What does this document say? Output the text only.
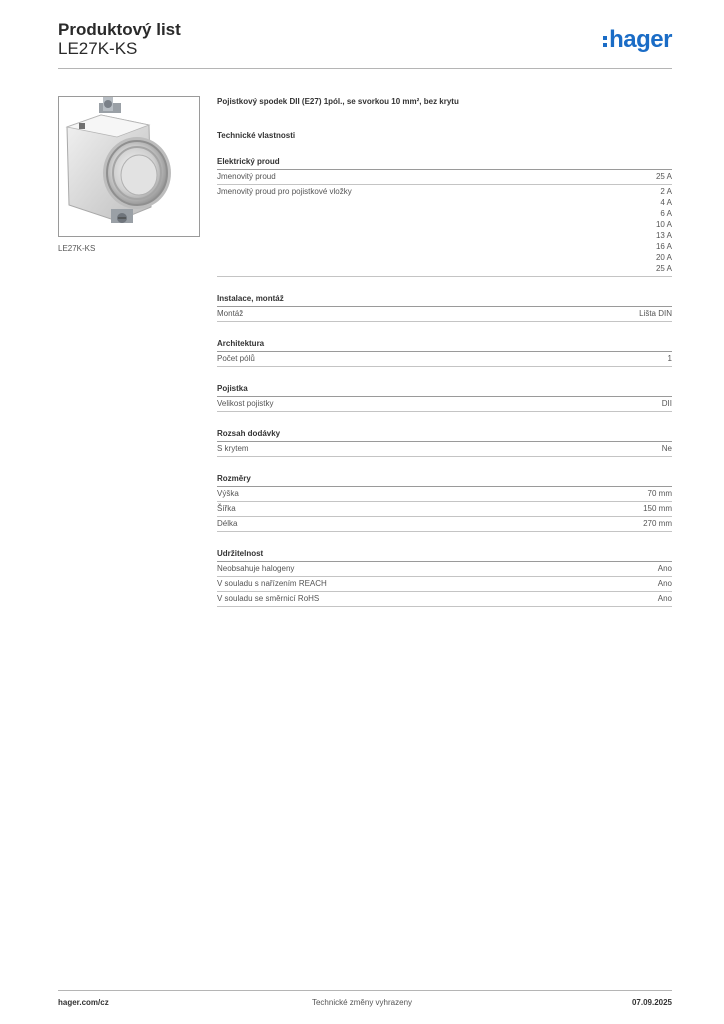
Produktový list
LE27K-KS	hager
LE27K-KS
Pojistkový spodek DII (E27) 1pól., se svorkou 10 mm², bez krytu
Technické vlastnosti
Elektrický proud
Jmenovitý proud	25 A
Jmenovitý proud pro pojistkové vložky	2 A
4 A
6 A
10 A
13 A
16 A
20 A
25 A
Instalace, montáž
Montáž	Lišta DIN
Architektura
Počet pólů	1
Pojistka
Velikost pojistky	DII
Rozsah dodávky
S krytem	Ne
Rozměry
Výška	70 mm
Šířka	150 mm
Délka	270 mm
Udržitelnost
Neobsahuje halogeny	Ano
V souladu s nařízením REACH	Ano
V souladu se směrnicí RoHS	Ano
hager.com/cz	Technické změny vyhrazeny	07.09.2025
